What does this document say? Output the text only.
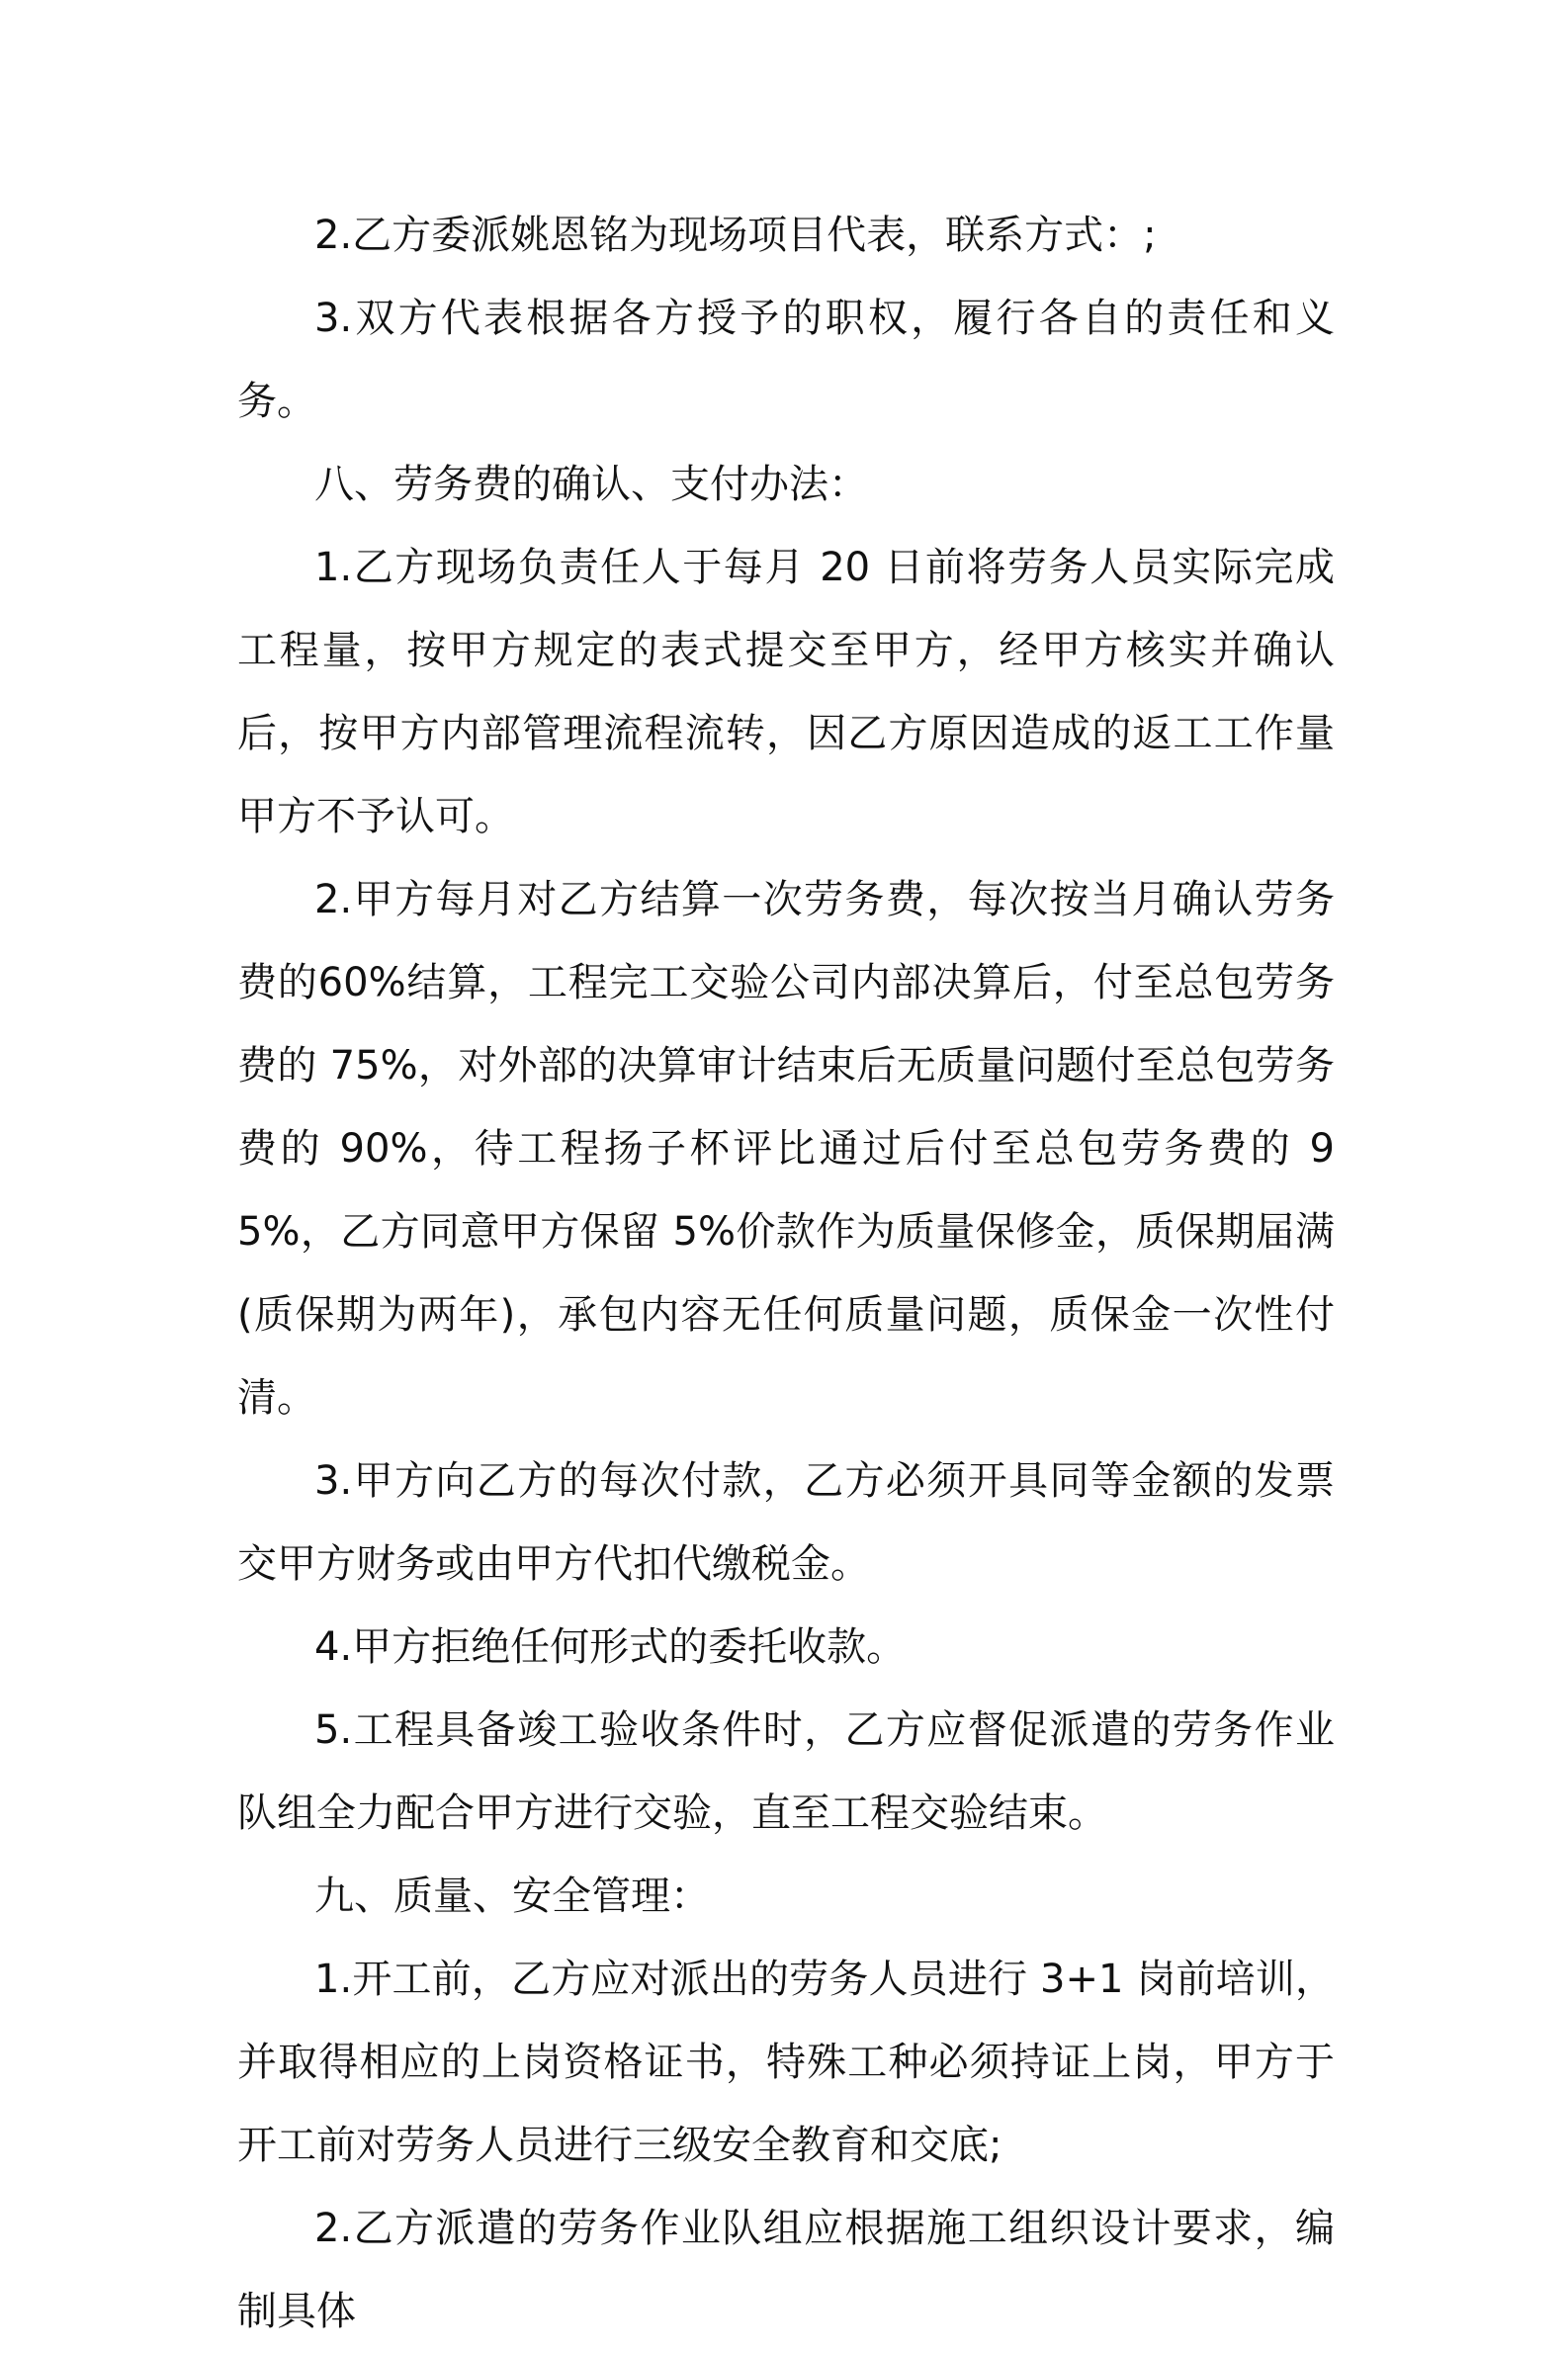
2.乙方委派姚恩铭为现场项目代表，联系方式：;

3.双方代表根据各方授予的职权，履行各自的责任和义务。

八、劳务费的确认、支付办法：

1.乙方现场负责任人于每月 20 日前将劳务人员实际完成工程量，按甲方规定的表式提交至甲方，经甲方核实并确认后，按甲方内部管理流程流转，因乙方原因造成的返工工作量甲方不予认可。

2.甲方每月对乙方结算一次劳务费，每次按当月确认劳务费的60%结算，工程完工交验公司内部决算后，付至总包劳务费的 75%，对外部的决算审计结束后无质量问题付至总包劳务费的 90%，待工程扬子杯评比通过后付至总包劳务费的 95%，乙方同意甲方保留 5%价款作为质量保修金，质保期届满(质保期为两年)，承包内容无任何质量问题，质保金一次性付清。

3.甲方向乙方的每次付款，乙方必须开具同等金额的发票交甲方财务或由甲方代扣代缴税金。

4.甲方拒绝任何形式的委托收款。

5.工程具备竣工验收条件时，乙方应督促派遣的劳务作业队组全力配合甲方进行交验，直至工程交验结束。

九、质量、安全管理：

1.开工前，乙方应对派出的劳务人员进行 3+1 岗前培训，并取得相应的上岗资格证书，特殊工种必须持证上岗，甲方于开工前对劳务人员进行三级安全教育和交底;

2.乙方派遣的劳务作业队组应根据施工组织设计要求，编制具体
